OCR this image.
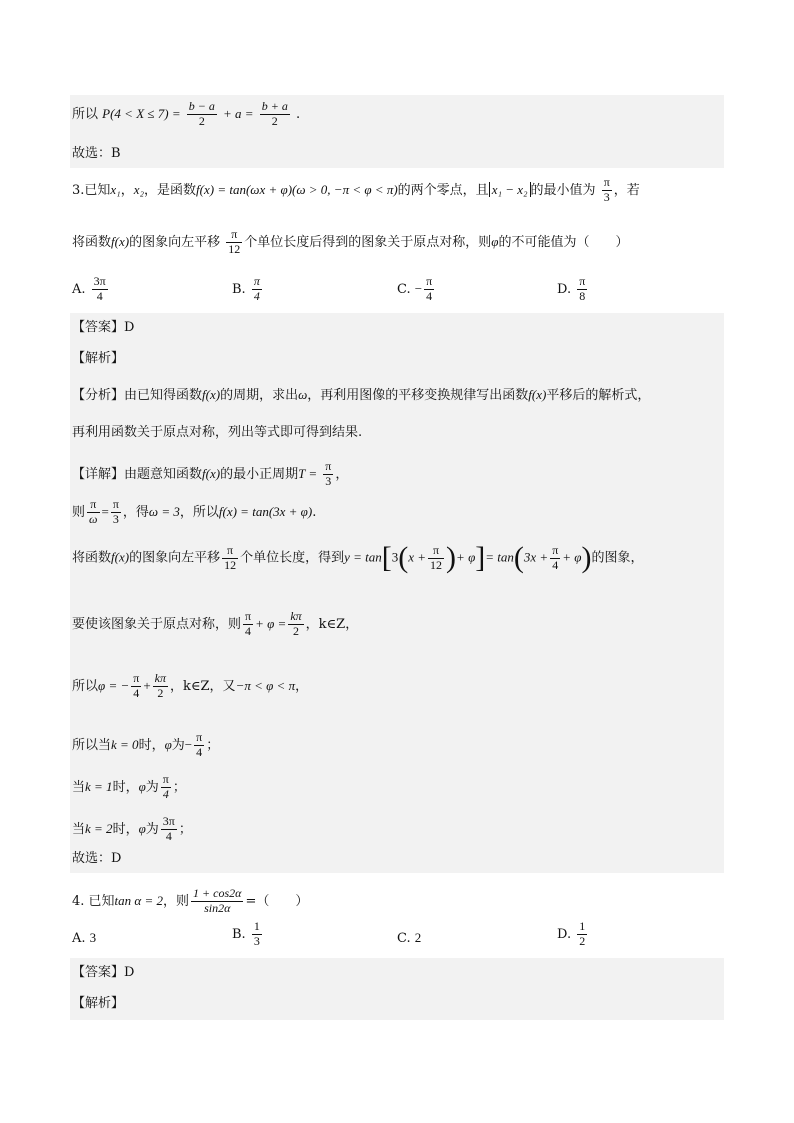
所以 $P(4 < X \le 7) = \frac{b - a}{2} + a = \frac{b + a}{2}$ .
故选：B
3.已知x₁，x₂，是函数f(x) = tan(ωx + φ)(ω > 0, −π < φ < π)的两个零点，且 x₁ − x₂ 的最小值为 $\frac{\pi}{3}$ ，若
将函数f(x)的图象向左平移 $\frac{\pi}{12}$ 个单位长度后得到的图象关于原点对称，则φ的不可能值为（　　）
A. $\frac{3\pi}{4}$	B. $\frac{\pi}{4}$	C. − $\frac{\pi}{4}$	D. $\frac{\pi}{8}$
【答案】D
【解析】
【分析】由已知得函数f(x)的周期，求出ω，再利用图像的平移变换规律写出函数f(x)平移后的解析式，
再利用函数关于原点对称，列出等式即可得到结果.
【详解】由题意知函数f(x)的最小正周期$T = \frac{\pi}{3}$ ，
则 $\frac{\pi}{\omega} = \frac{\pi}{3}$ ，得ω = 3，所以f(x) = tan(3x + φ).
将函数f(x)的图象向左平移 $\frac{\pi}{12}$ 个单位长度，得到$y = \tan[3(x + \frac{\pi}{12}$ )+ $\varphi]= \tan(3x + \frac{\pi}{4} + \varphi)$的图象，
要使该图象关于原点对称，则 $\frac{\pi}{4} + \varphi = \frac{k\pi}{2}$ ，k∈Z，
所以φ = − $\frac{\pi}{4} + \frac{k\pi}{2}$ ，k∈Z，又−π < φ < π，
所以当k = 0时，φ为− $\frac{\pi}{4}$ ；
当k = 1时，φ为 $\frac{\pi}{4}$ ；
当k = 2时，φ为 $\frac{3\pi}{4}$ ；
故选：D
4. 已知tan α = 2，则 $\frac{1 + \cos 2\alpha}{\sin 2\alpha}$ =（　　）
A. 3	B. $\frac{1}{3}$	C. 2	D. $\frac{1}{2}$
【答案】D
【解析】
